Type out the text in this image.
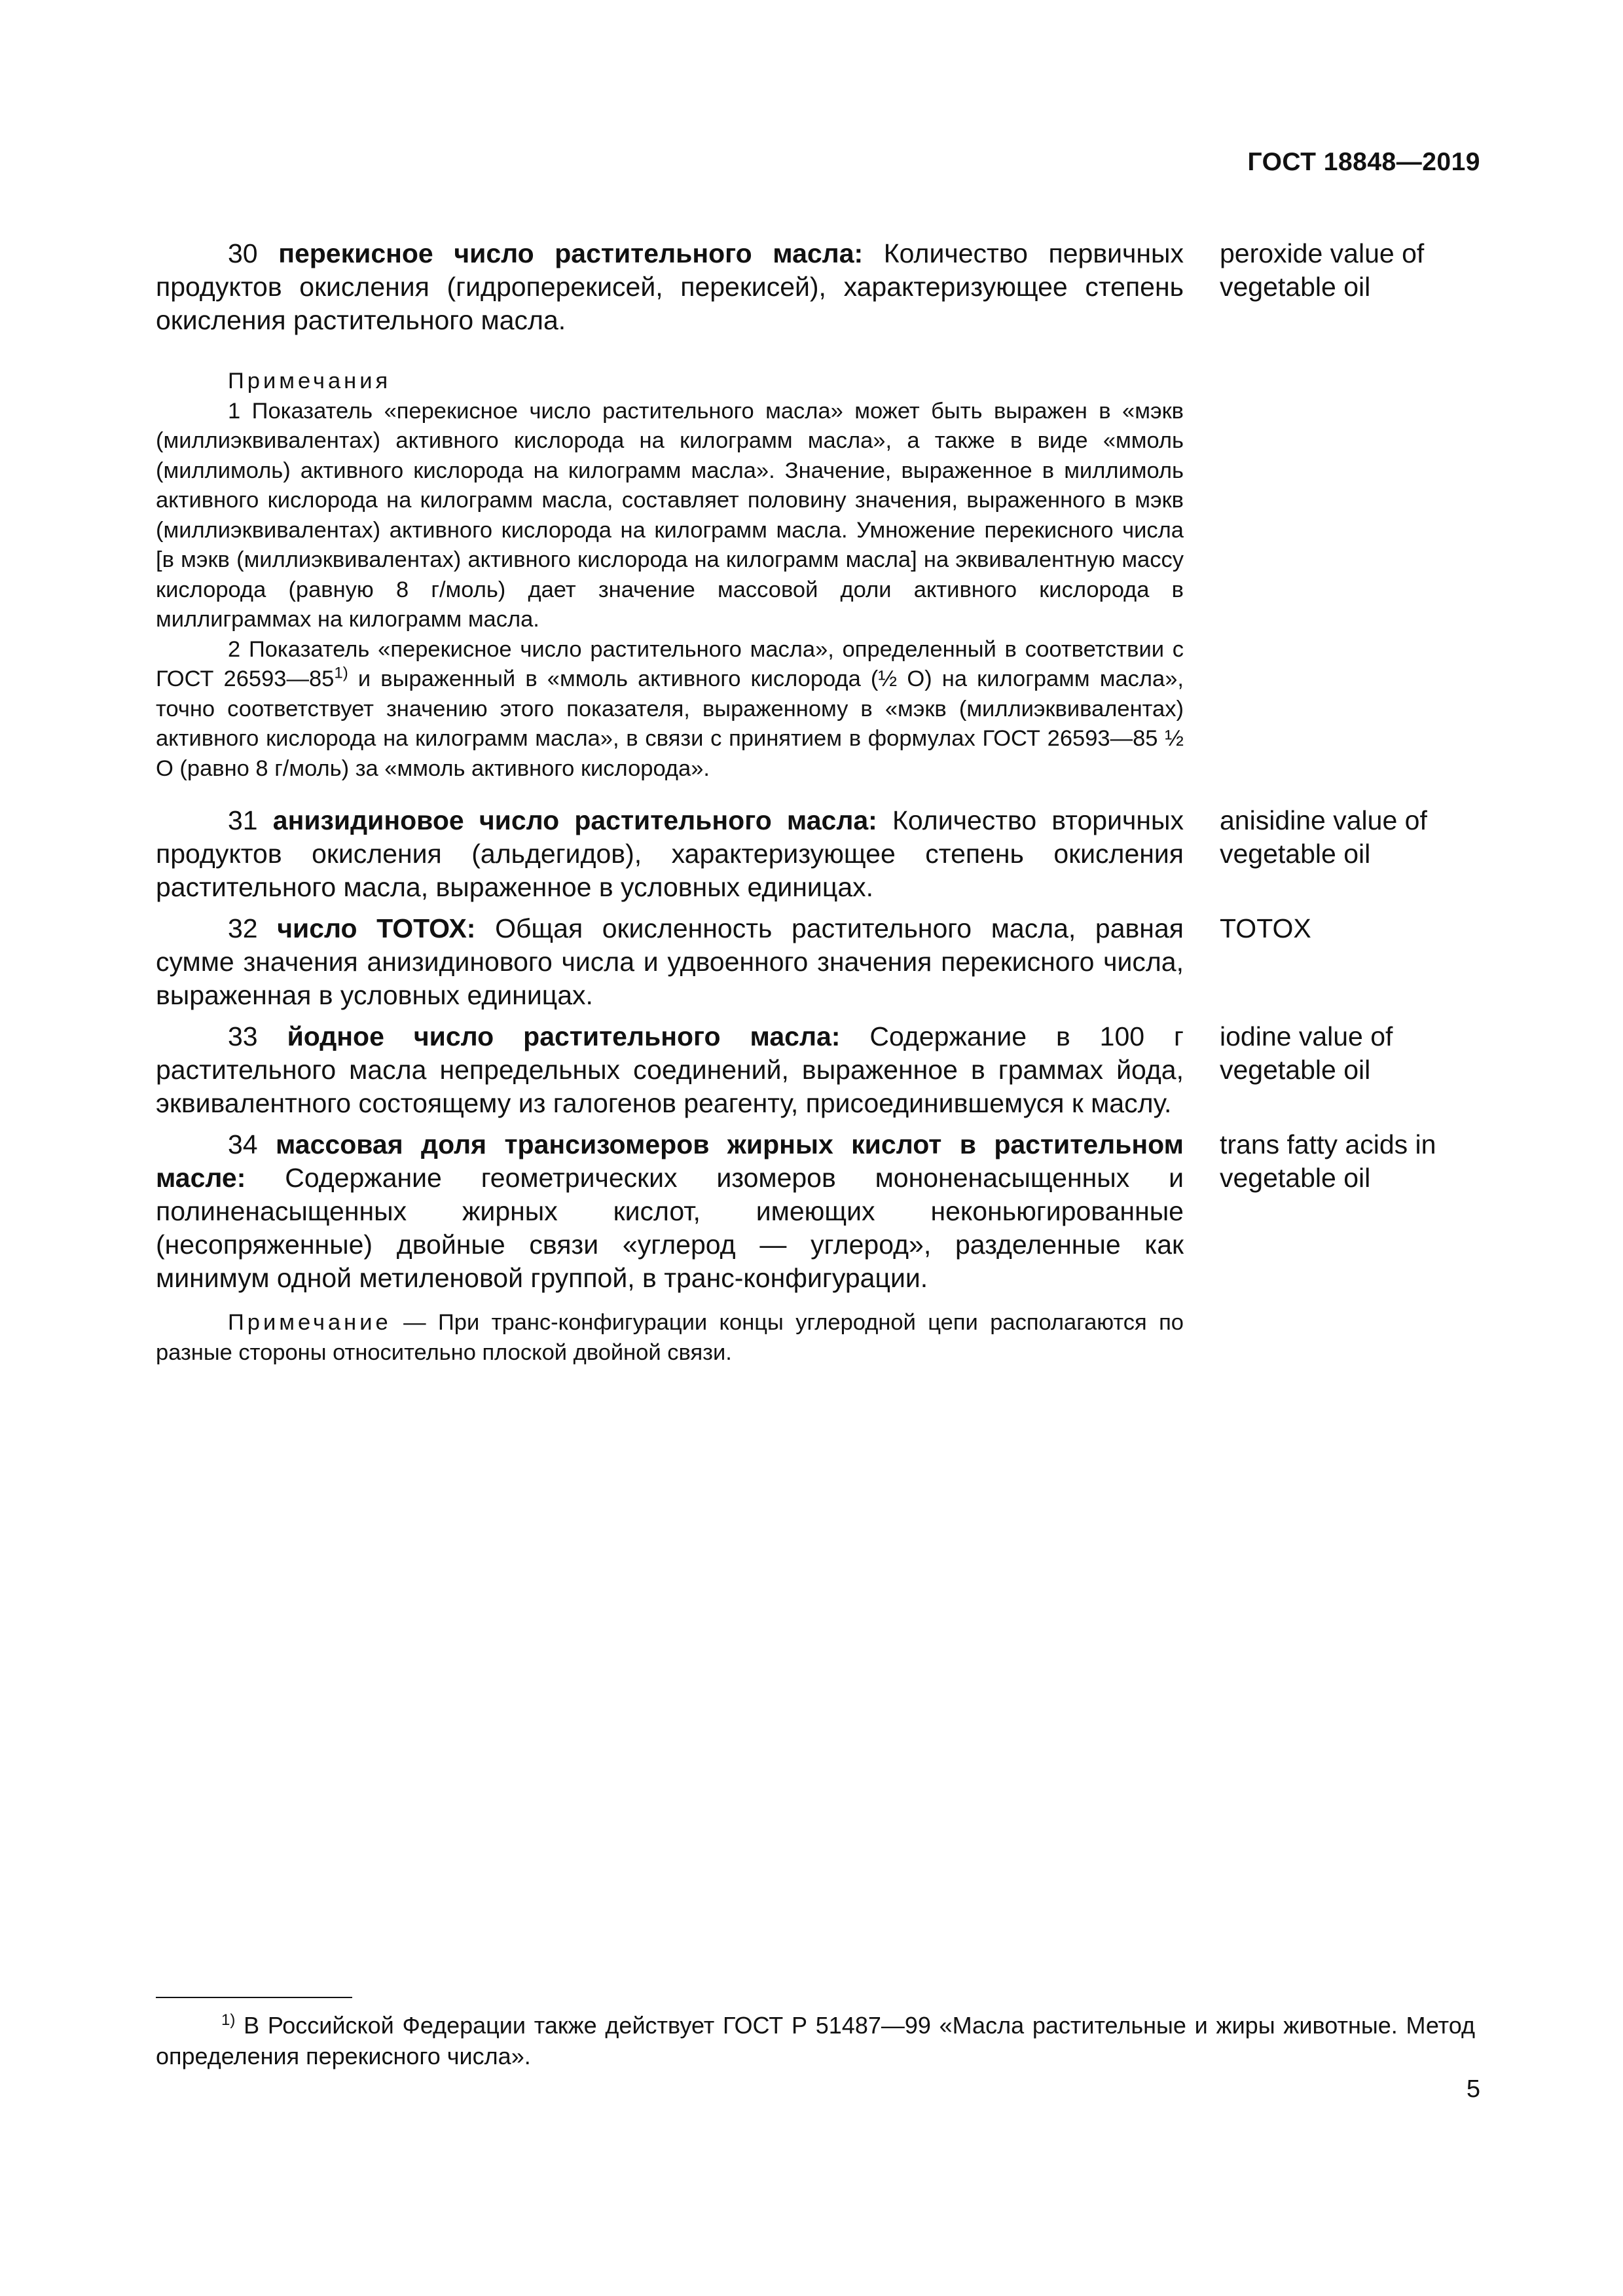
ГОСТ 18848—2019
30 перекисное число растительного масла: Количество первичных продуктов окисления (гидроперекисей, перекисей), характеризующее степень окисления растительного масла.
peroxide value of vegetable oil
Примечания

1 Показатель «перекисное число растительного масла» может быть выражен в «мэкв (миллиэквивалентах) активного кислорода на килограмм масла», а также в виде «ммоль (миллимоль) активного кислорода на килограмм масла». Значение, выраженное в миллимоль активного кислорода на килограмм масла, составляет половину значения, выраженного в мэкв (миллиэквивалентах) активного кислорода на килограмм масла. Умножение перекисного числа [в мэкв (миллиэквивалентах) активного кислорода на килограмм масла] на эквивалентную массу кислорода (равную 8 г/моль) дает значение массовой доли активного кислорода в миллиграммах на килограмм масла.

2 Показатель «перекисное число растительного масла», определенный в соответствии с ГОСТ 26593—85$^{1)}$ и выраженный в «ммоль активного кислорода (½ О) на килограмм масла», точно соответствует значению этого показателя, выраженному в «мэкв (миллиэквивалентах) активного кислорода на килограмм масла», в связи с принятием в формулах ГОСТ 26593—85 ½ О (равно 8 г/моль) за «ммоль активного кислорода».

31 анизидиновое число растительного масла: Количество вторичных продуктов окисления (альдегидов), характеризующее степень окисления растительного масла, выраженное в условных единицах.
anisidine value of vegetable oil
32 число ТОТОХ: Общая окисленность растительного масла, равная сумме значения анизидинового числа и удвоенного значения перекисного числа, выраженная в условных единицах.
TOTOX
33 йодное число растительного масла: Содержание в 100 г растительного масла непредельных соединений, выраженное в граммах йода, эквивалентного состоящему из галогенов реагенту, присоединившемуся к маслу.
iodine value of vegetable oil
34 массовая доля трансизомеров жирных кислот в растительном масле: Содержание геометрических изомеров мононенасыщенных и полиненасыщенных жирных кислот, имеющих неконьюгированные (несопряженные) двойные связи «углерод — углерод», разделенные как минимум одной метиленовой группой, в транс-конфигурации.
trans fatty acids in vegetable oil

Примечание — При транс-конфигурации концы углеродной цепи располагаются по разные стороны относительно плоской двойной связи.

$^{1)}$ В Российской Федерации также действует ГОСТ Р 51487—99 «Масла растительные и жиры животные. Метод определения перекисного числа».

5
